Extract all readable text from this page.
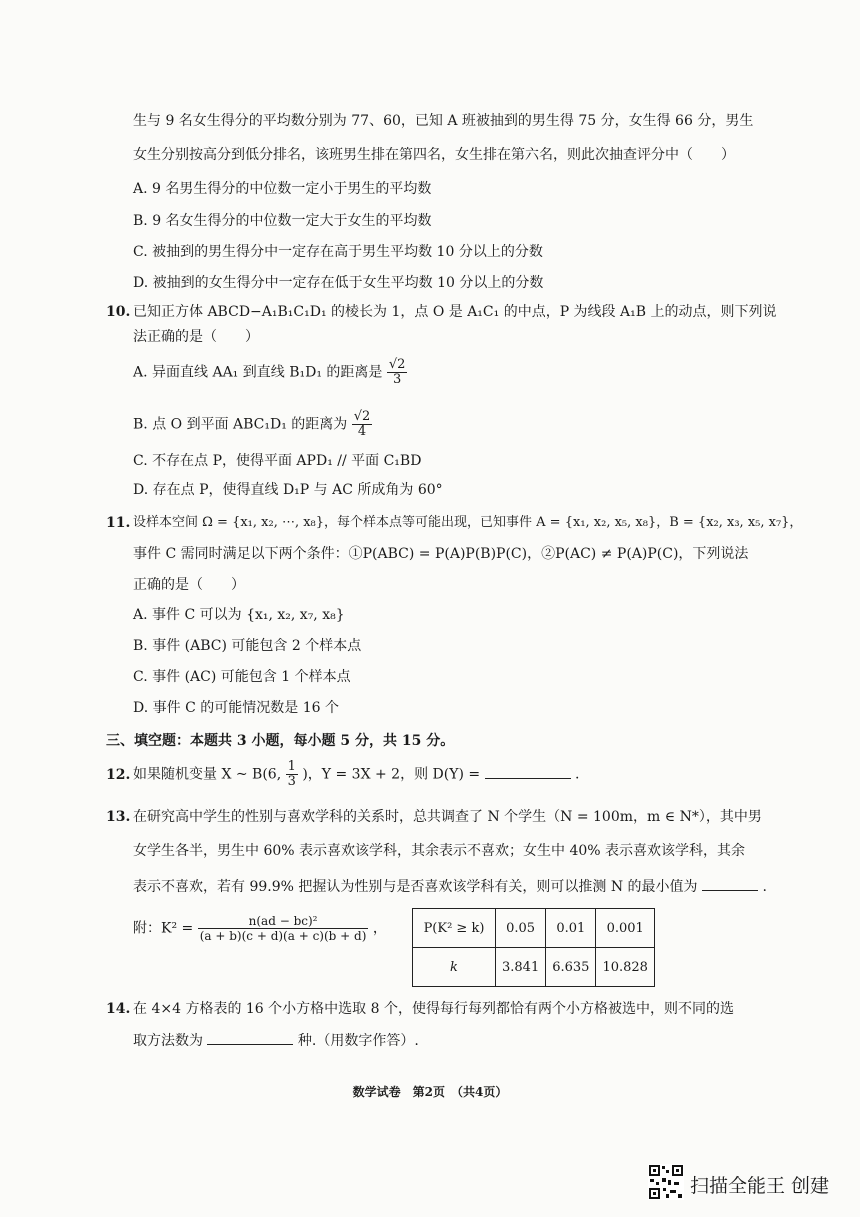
生与 9 名女生得分的平均数分别为 77、60，已知 A 班被抽到的男生得 75 分，女生得 66 分，男生
女生分别按高分到低分排名，该班男生排在第四名，女生排在第六名，则此次抽查评分中（　　）
A. 9 名男生得分的中位数一定小于男生的平均数
B. 9 名女生得分的中位数一定大于女生的平均数
C. 被抽到的男生得分中一定存在高于男生平均数 10 分以上的分数
D. 被抽到的女生得分中一定存在低于女生平均数 10 分以上的分数
10. 已知正方体 ABCD−A₁B₁C₁D₁ 的棱长为 1，点 O 是 A₁C₁ 的中点，P 为线段 A₁B 上的动点，则下列说
法正确的是（　　）
A. 异面直线 AA₁ 到直线 B₁D₁ 的距离是 $\frac{√2}{3}$
B. 点 O 到平面 ABC₁D₁ 的距离为 $\frac{√2}{4}$
C. 不存在点 P，使得平面 APD₁ // 平面 C₁BD
D. 存在点 P，使得直线 D₁P 与 AC 所成角为 60°
11. 设样本空间 Ω = {x₁, x₂, ⋯, x₈}，每个样本点等可能出现，已知事件 A = {x₁, x₂, x₅, x₈}，B = {x₂, x₃, x₅, x₇}，
事件 C 需同时满足以下两个条件：①P(ABC) = P(A)P(B)P(C)，②P(AC) ≠ P(A)P(C)，下列说法
正确的是（　　）
A. 事件 C 可以为 {x₁, x₂, x₇, x₈}
B. 事件 (ABC) 可能包含 2 个样本点
C. 事件 (AC) 可能包含 1 个样本点
D. 事件 C 的可能情况数是 16 个
三、填空题：本题共 3 小题，每小题 5 分，共 15 分。
12. 如果随机变量 X ~ B(6, $\frac{1}{3}$ )，Y = 3X + 2，则 D(Y) =	.
13. 在研究高中学生的性别与喜欢学科的关系时，总共调查了 N 个学生（N = 100m，m ∈ N*），其中男
女学生各半，男生中 60% 表示喜欢该学科，其余表示不喜欢；女生中 40% 表示喜欢该学科，其余
表示不喜欢，若有 99.9% 把握认为性别与是否喜欢该学科有关，则可以推测 N 的最小值为	.
附：$K^2 = \frac{\text{n(ad − bc)²}}{(a + b)(c + d)(a + c)(b + d)}$ ，	P(K² ≥ k)	0.05	0.01	0.001
k	3.841	6.635	10.828
14. 在 4×4 方格表的 16 个小方格中选取 8 个，使得每行每列都恰有两个小方格被选中，则不同的选
取方法数为	种.（用数字作答）.
数学试卷　第2页　（共4页）
扫描全能王 创建
